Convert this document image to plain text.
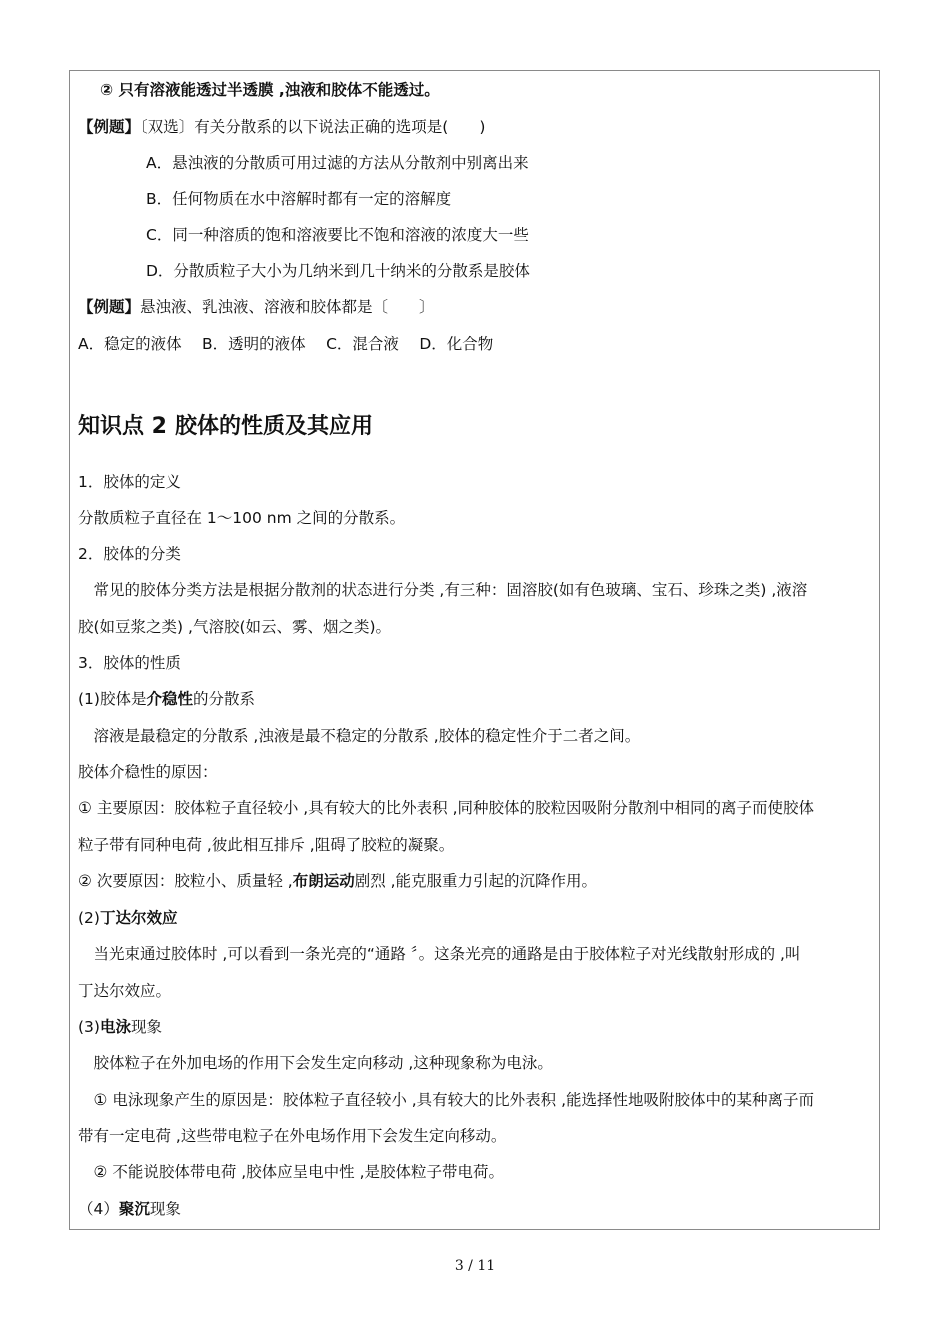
② 只有溶液能透过半透膜 ,浊液和胶体不能透过。
【例题】〔双选〕有关分散系的以下说法正确的选项是(　　)
A．悬浊液的分散质可用过滤的方法从分散剂中别离出来
B．任何物质在水中溶解时都有一定的溶解度
C．同一种溶质的饱和溶液要比不饱和溶液的浓度大一些
D．分散质粒子大小为几纳米到几十纳米的分散系是胶体
【例题】悬浊液、乳浊液、溶液和胶体都是〔　　〕
A．稳定的液体　 B．透明的液体　 C．混合液　 D．化合物
知识点 2 胶体的性质及其应用
1．胶体的定义
分散质粒子直径在 1～100 nm 之间的分散系。
2．胶体的分类
　常见的胶体分类方法是根据分散剂的状态进行分类 ,有三种：固溶胶(如有色玻璃、宝石、珍珠之类) ,液溶
胶(如豆浆之类) ,气溶胶(如云、雾、烟之类)。
3．胶体的性质
(1)胶体是介稳性的分散系
　溶液是最稳定的分散系 ,浊液是最不稳定的分散系 ,胶体的稳定性介于二者之间。
胶体介稳性的原因：
① 主要原因：胶体粒子直径较小 ,具有较大的比外表积 ,同种胶体的胶粒因吸附分散剂中相同的离子而使胶体
粒子带有同种电荷 ,彼此相互排斥 ,阻碍了胶粒的凝聚。
② 次要原因：胶粒小、质量轻 ,布朗运动剧烈 ,能克服重力引起的沉降作用。
(2)丁达尔效应
　当光束通过胶体时 ,可以看到一条光亮的“通路 〞。这条光亮的通路是由于胶体粒子对光线散射形成的 ,叫
丁达尔效应。
(3)电泳现象
　胶体粒子在外加电场的作用下会发生定向移动 ,这种现象称为电泳。
　① 电泳现象产生的原因是：胶体粒子直径较小 ,具有较大的比外表积 ,能选择性地吸附胶体中的某种离子而
带有一定电荷 ,这些带电粒子在外电场作用下会发生定向移动。
　② 不能说胶体带电荷 ,胶体应呈电中性 ,是胶体粒子带电荷。
（4）聚沉现象
3 / 11
